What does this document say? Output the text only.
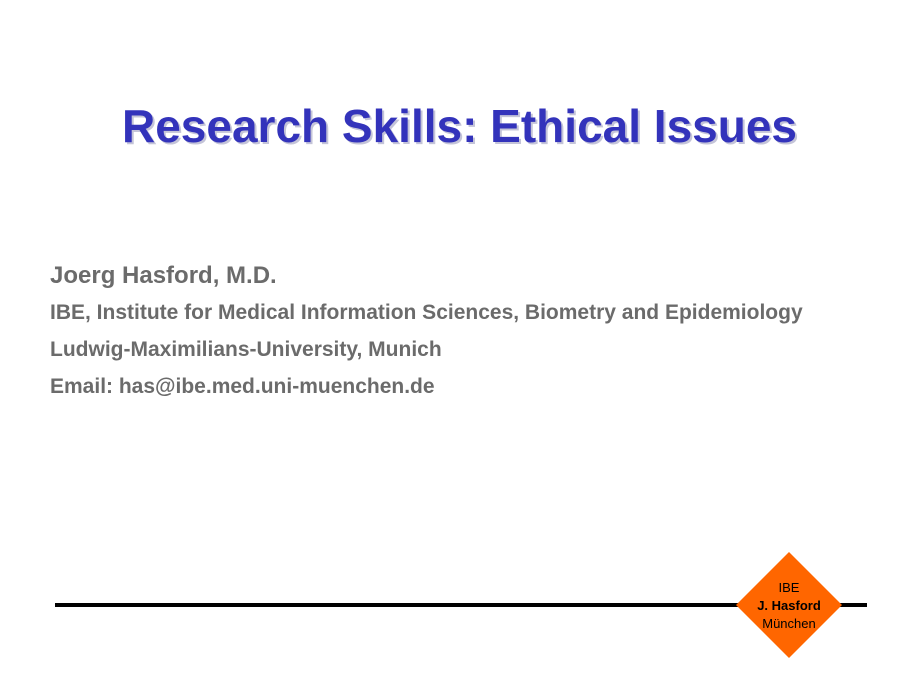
Research Skills: Ethical Issues

Joerg Hasford, M.D.

IBE, Institute for Medical Information Sciences, Biometry and Epidemiology

Ludwig-Maximilians-University, Munich

Email: has@ibe.med.uni-muenchen.de

IBE
J. Hasford
München
